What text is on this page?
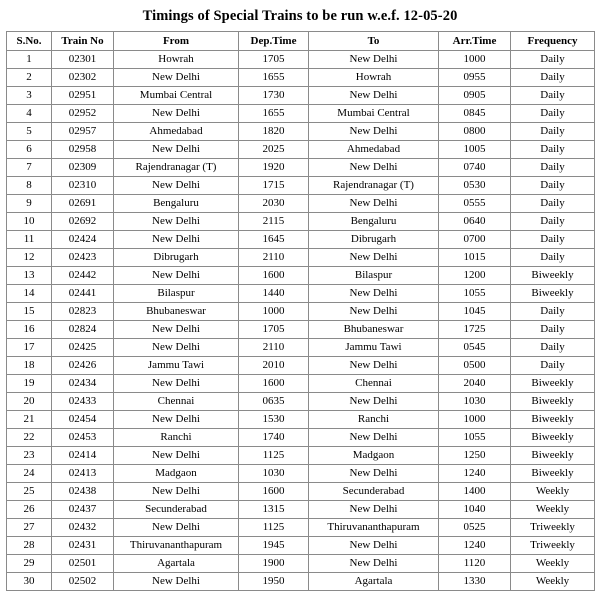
Timings of Special Trains to be run w.e.f. 12-05-20
S.No.	Train No	From	Dep.Time	To	Arr.Time	Frequency
1	02301	Howrah	1705	New Delhi	1000	Daily
2	02302	New Delhi	1655	Howrah	0955	Daily
3	02951	Mumbai Central	1730	New Delhi	0905	Daily
4	02952	New Delhi	1655	Mumbai Central	0845	Daily
5	02957	Ahmedabad	1820	New Delhi	0800	Daily
6	02958	New Delhi	2025	Ahmedabad	1005	Daily
7	02309	Rajendranagar (T)	1920	New Delhi	0740	Daily
8	02310	New Delhi	1715	Rajendranagar (T)	0530	Daily
9	02691	Bengaluru	2030	New Delhi	0555	Daily
10	02692	New Delhi	2115	Bengaluru	0640	Daily
11	02424	New Delhi	1645	Dibrugarh	0700	Daily
12	02423	Dibrugarh	2110	New Delhi	1015	Daily
13	02442	New Delhi	1600	Bilaspur	1200	Biweekly
14	02441	Bilaspur	1440	New Delhi	1055	Biweekly
15	02823	Bhubaneswar	1000	New Delhi	1045	Daily
16	02824	New Delhi	1705	Bhubaneswar	1725	Daily
17	02425	New Delhi	2110	Jammu Tawi	0545	Daily
18	02426	Jammu Tawi	2010	New Delhi	0500	Daily
19	02434	New Delhi	1600	Chennai	2040	Biweekly
20	02433	Chennai	0635	New Delhi	1030	Biweekly
21	02454	New Delhi	1530	Ranchi	1000	Biweekly
22	02453	Ranchi	1740	New Delhi	1055	Biweekly
23	02414	New Delhi	1125	Madgaon	1250	Biweekly
24	02413	Madgaon	1030	New Delhi	1240	Biweekly
25	02438	New Delhi	1600	Secunderabad	1400	Weekly
26	02437	Secunderabad	1315	New Delhi	1040	Weekly
27	02432	New Delhi	1125	Thiruvananthapuram	0525	Triweekly
28	02431	Thiruvananthapuram	1945	New Delhi	1240	Triweekly
29	02501	Agartala	1900	New Delhi	1120	Weekly
30	02502	New Delhi	1950	Agartala	1330	Weekly
